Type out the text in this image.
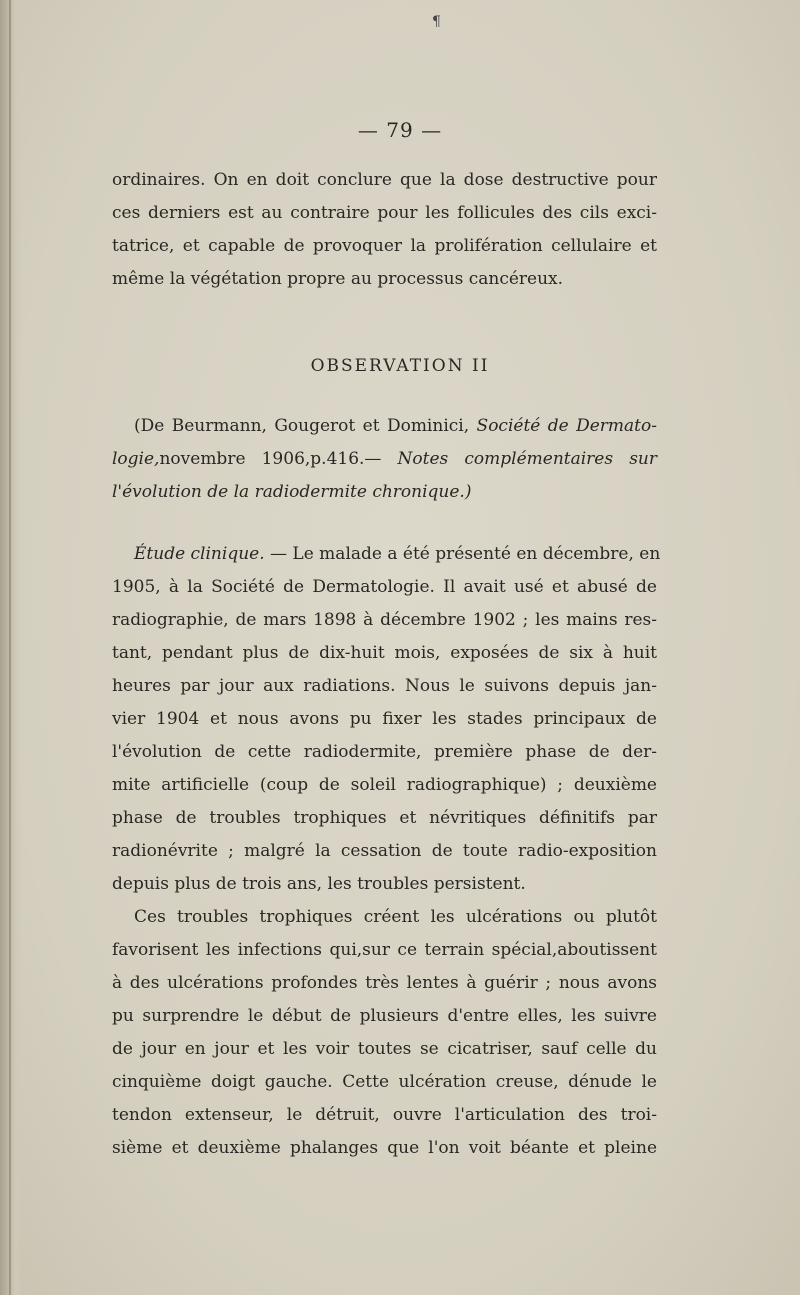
¶
— 79 —
ordinaires. On en doit conclure que la dose destructive pour
ces derniers est au contraire pour les follicules des cils exci-
tatrice, et capable de provoquer la prolifération cellulaire et
même la végétation propre au processus cancéreux.
OBSERVATION II
(De Beurmann, Gougerot et Dominici, Société de Dermato-
logie,novembre 1906,p.416.— Notes complémentaires sur
l'évolution de la radiodermite chronique.)
Étude clinique. — Le malade a été présenté en décembre, en
1905, à la Société de Dermatologie. Il avait usé et abusé de
radiographie, de mars 1898 à décembre 1902 ; les mains res-
tant, pendant plus de dix-huit mois, exposées de six à huit
heures par jour aux radiations. Nous le suivons depuis jan-
vier 1904 et nous avons pu fixer les stades principaux de
l'évolution de cette radiodermite, première phase de der-
mite artificielle (coup de soleil radiographique) ; deuxième
phase de troubles trophiques et névritiques définitifs par
radionévrite ; malgré la cessation de toute radio-exposition
depuis plus de trois ans, les troubles persistent.
Ces troubles trophiques créent les ulcérations ou plutôt
favorisent les infections qui,sur ce terrain spécial,aboutissent
à des ulcérations profondes très lentes à guérir ; nous avons
pu surprendre le début de plusieurs d'entre elles, les suivre
de jour en jour et les voir toutes se cicatriser, sauf celle du
cinquième doigt gauche. Cette ulcération creuse, dénude le
tendon extenseur, le détruit, ouvre l'articulation des troi-
sième et deuxième phalanges que l'on voit béante et pleine
